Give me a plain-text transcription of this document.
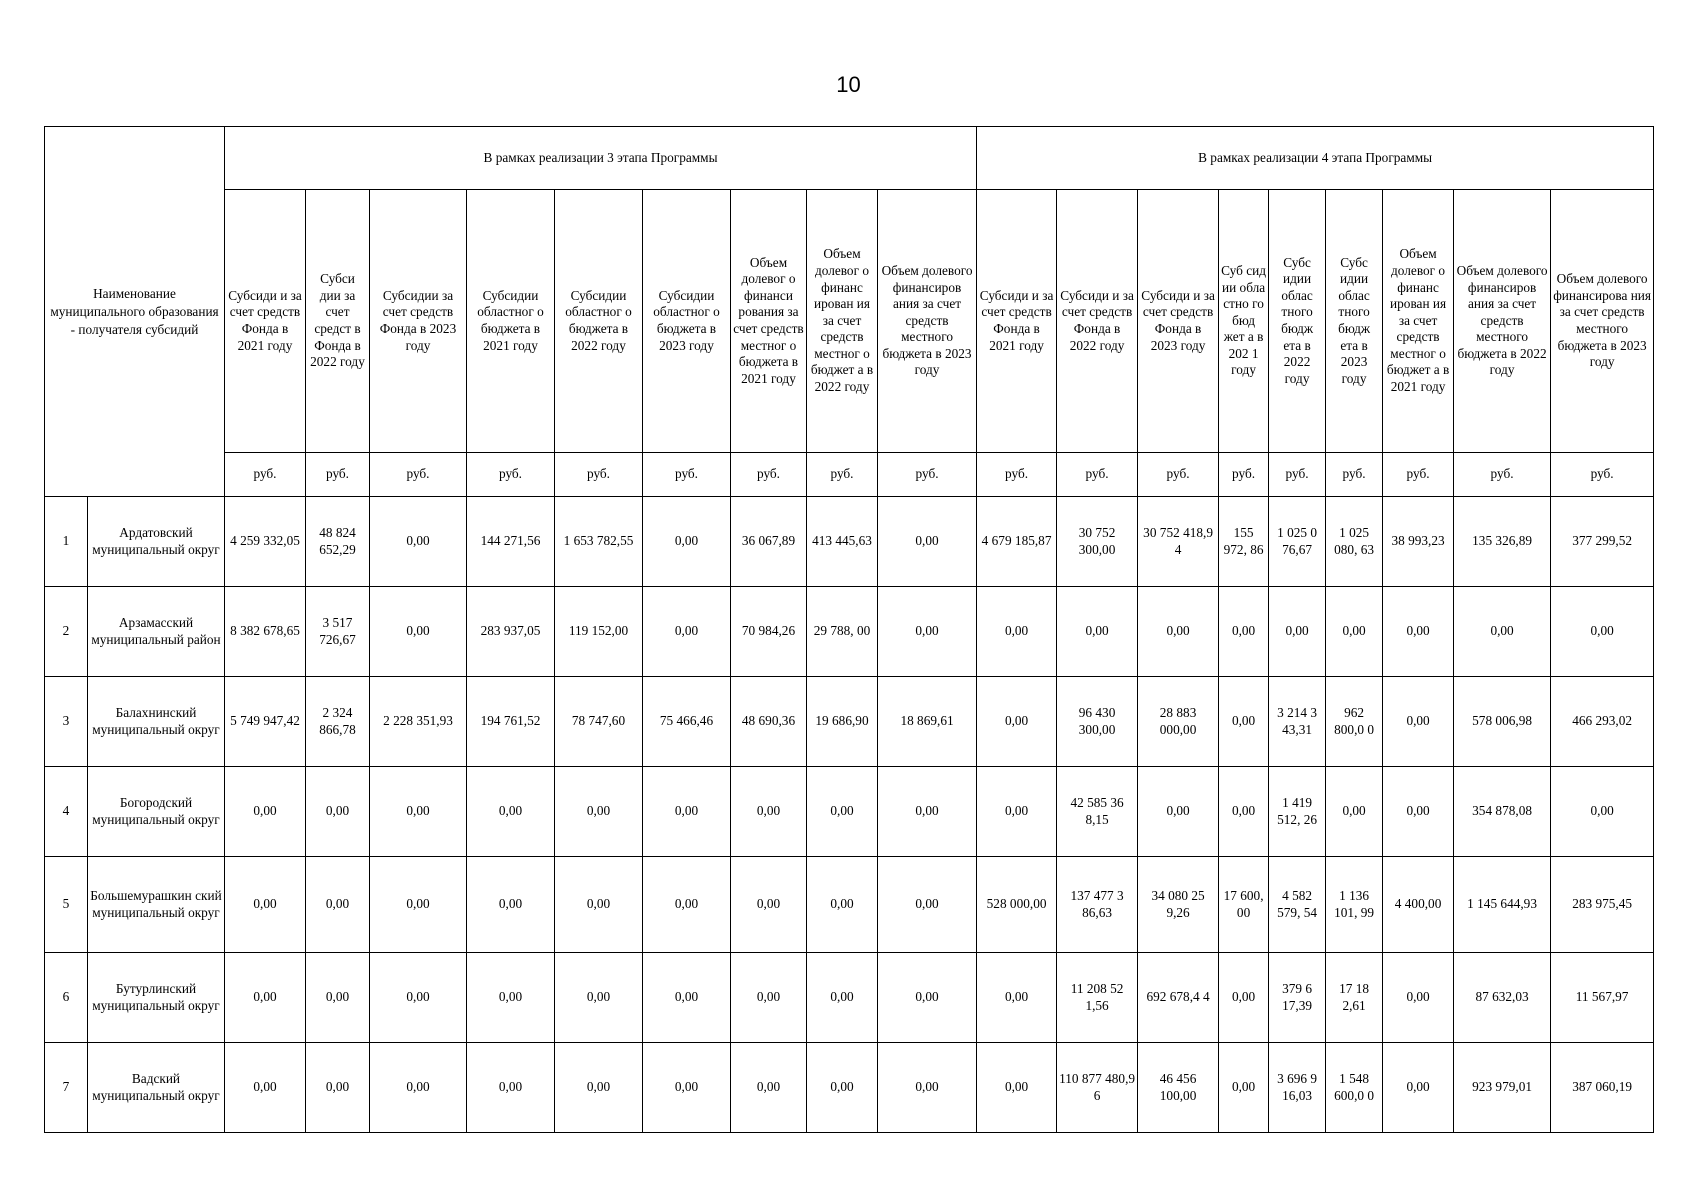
10
Наименование муниципального образования - получателя субсидий		В рамках реализации 3 этапа Программы									В рамках реализации 4 этапа Программы								
		Субсиди и за счет средств Фонда в 2021 году	Субси дии за счет средст в Фонда в 2022 году	Субсидии за счет средств Фонда в 2023 году	Субсидии областног о бюджета в 2021 году	Субсидии областног о бюджета в 2022 году	Субсидии областног о бюджета в 2023 году	Объем долевог о финанси рования за счет средств местног о бюджета в 2021 году	Объем долевог о финанс ирован ия за счет средств местног о бюджет а в 2022 году	Объем долевого финансиров ания за счет средств местного бюджета в 2023 году	Субсиди и за счет средств Фонда в 2021 году	Субсиди и за счет средств Фонда в 2022 году	Субсиди и за счет средств Фонда в 2023 году	Суб сид ии обла стно го бюд жет а в 202 1 году	Субс идии облас тного бюдж ета в 2022 году	Субс идии облас тного бюдж ета в 2023 году	Объем долевог о финанс ирован ия за счет средств местног о бюджет а в 2021 году	Объем долевого финансиров ания за счет средств местного бюджета в 2022 году	Объем долевого финансирова ния за счет средств местного бюджета в 2023 году
		руб.	руб.	руб.	руб.	руб.	руб.	руб.	руб.	руб.	руб.	руб.	руб.	руб.	руб.	руб.	руб.	руб.	руб.
1	Ардатовский муниципальный округ	4 259 332,05	48 824 652,29	0,00	144 271,56	1 653 782,55	0,00	36 067,89	413 445,63	0,00	4 679 185,87	30 752 300,00	30 752 418,9 4	155 972, 86	1 025 0 76,67	1 025 080, 63	38 993,23	135 326,89	377 299,52
2	Арзамасский муниципальный район	8 382 678,65	3 517 726,67	0,00	283 937,05	119 152,00	0,00	70 984,26	29 788, 00	0,00	0,00	0,00	0,00	0,00	0,00	0,00	0,00	0,00	0,00
3	Балахнинский муниципальный округ	5 749 947,42	2 324 866,78	2 228 351,93	194 761,52	78 747,60	75 466,46	48 690,36	19 686,90	18 869,61	0,00	96 430 300,00	28 883 000,00	0,00	3 214 3 43,31	962 800,0 0	0,00	578 006,98	466 293,02
4	Богородский муниципальный округ	0,00	0,00	0,00	0,00	0,00	0,00	0,00	0,00	0,00	0,00	42 585 36 8,15	0,00	0,00	1 419 512, 26	0,00	0,00	354 878,08	0,00
5	Большемурашкин ский муниципальный округ	0,00	0,00	0,00	0,00	0,00	0,00	0,00	0,00	0,00	528 000,00	137 477 3 86,63	34 080 25 9,26	17 600, 00	4 582 579, 54	1 136 101, 99	4 400,00	1 145 644,93	283 975,45
6	Бутурлинский муниципальный округ	0,00	0,00	0,00	0,00	0,00	0,00	0,00	0,00	0,00	0,00	11 208 52 1,56	692 678,4 4	0,00	379 6 17,39	17 18 2,61	0,00	87 632,03	11 567,97
7	Вадский муниципальный округ	0,00	0,00	0,00	0,00	0,00	0,00	0,00	0,00	0,00	0,00	110 877 480,9 6	46 456 100,00	0,00	3 696 9 16,03	1 548 600,0 0	0,00	923 979,01	387 060,19
